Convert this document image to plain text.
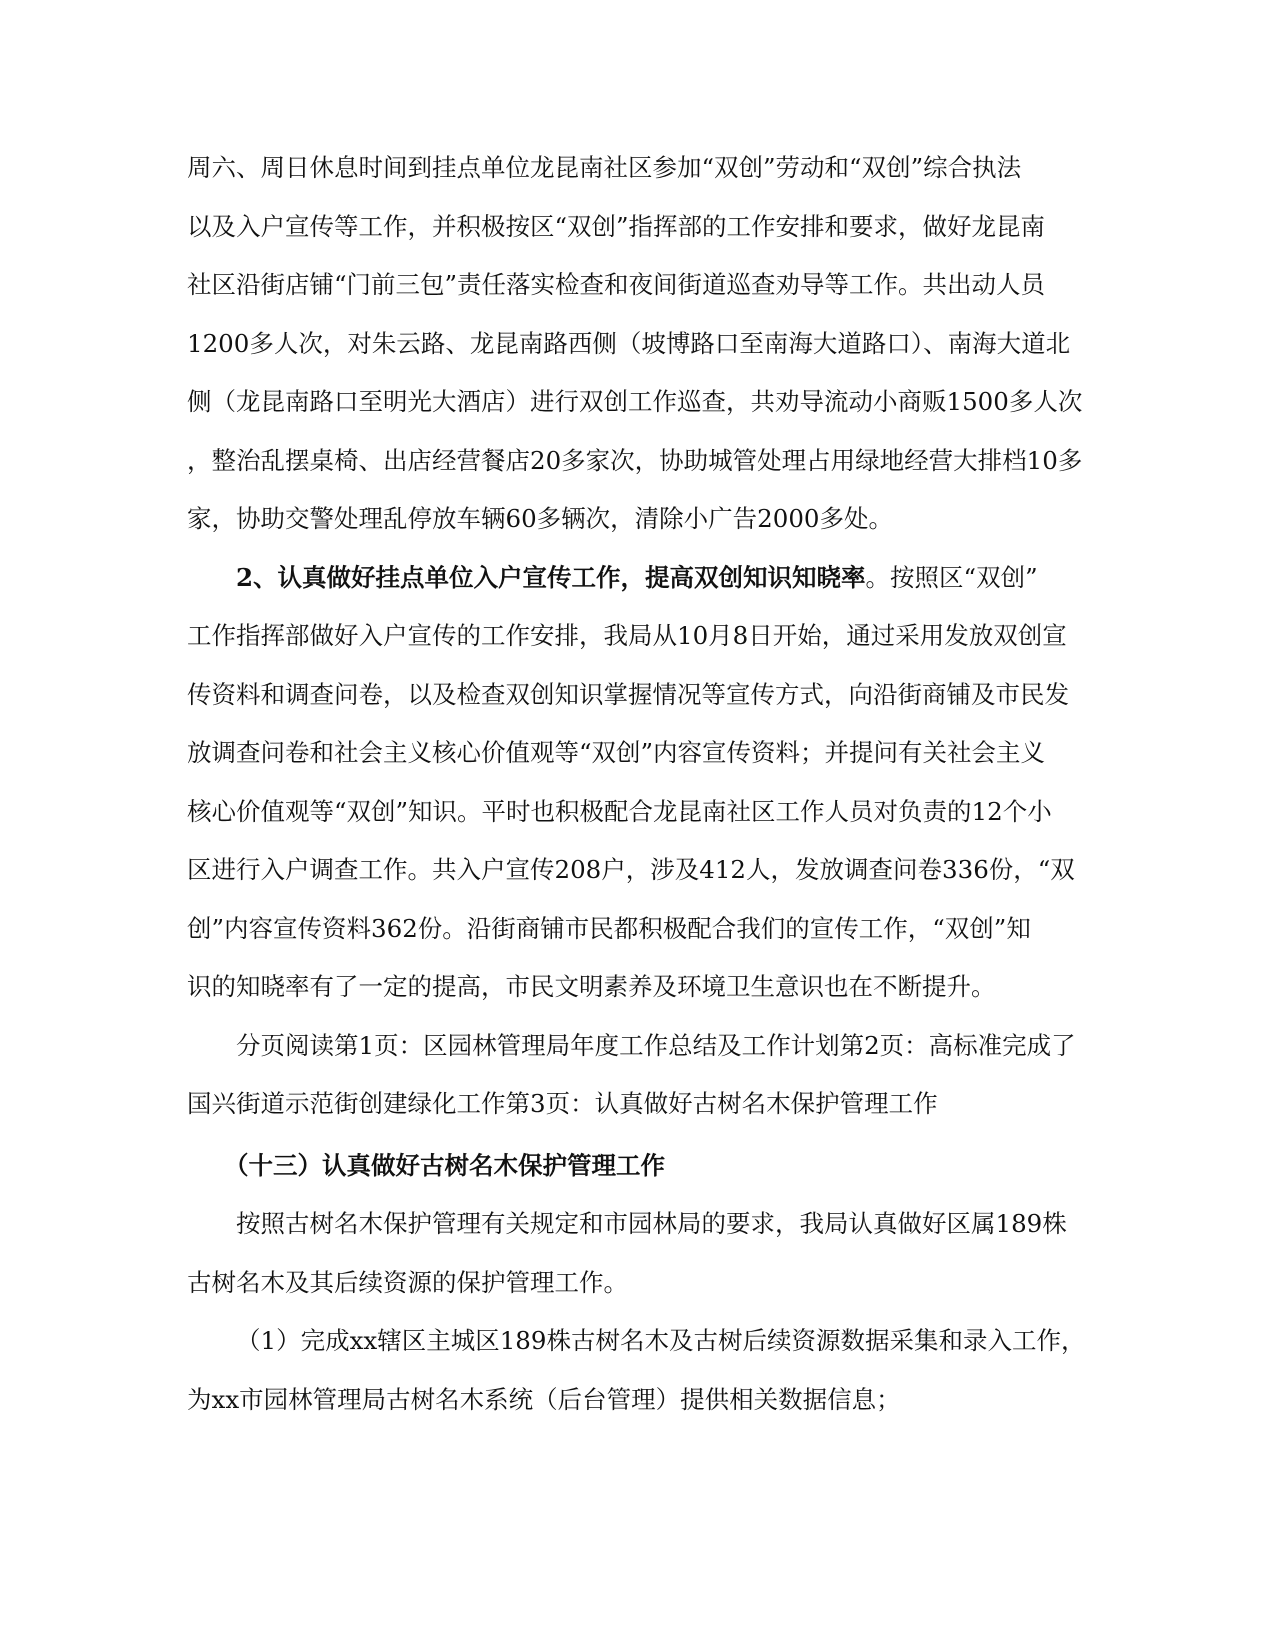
周六、周日休息时间到挂点单位龙昆南社区参加“双创”劳动和“双创”综合执法
以及入户宣传等工作，并积极按区“双创”指挥部的工作安排和要求，做好龙昆南
社区沿街店铺“门前三包”责任落实检查和夜间街道巡查劝导等工作。共出动人员
1200多人次，对朱云路、龙昆南路西侧（坡博路口至南海大道路口）、南海大道北
侧（龙昆南路口至明光大酒店）进行双创工作巡查，共劝导流动小商贩1500多人次
，整治乱摆桌椅、出店经营餐店20多家次，协助城管处理占用绿地经营大排档10多
家，协助交警处理乱停放车辆60多辆次，清除小广告2000多处。
2、认真做好挂点单位入户宣传工作，提高双创知识知晓率。按照区“双创”
工作指挥部做好入户宣传的工作安排，我局从10月8日开始，通过采用发放双创宣
传资料和调查问卷，以及检查双创知识掌握情况等宣传方式，向沿街商铺及市民发
放调查问卷和社会主义核心价值观等“双创”内容宣传资料；并提问有关社会主义
核心价值观等“双创”知识。平时也积极配合龙昆南社区工作人员对负责的12个小
区进行入户调查工作。共入户宣传208户，涉及412人，发放调查问卷336份，“双
创”内容宣传资料362份。沿街商铺市民都积极配合我们的宣传工作，“双创”知
识的知晓率有了一定的提高，市民文明素养及环境卫生意识也在不断提升。
分页阅读第1页：区园林管理局年度工作总结及工作计划第2页：高标准完成了
国兴街道示范街创建绿化工作第3页：认真做好古树名木保护管理工作
（十三）认真做好古树名木保护管理工作
按照古树名木保护管理有关规定和市园林局的要求，我局认真做好区属189株
古树名木及其后续资源的保护管理工作。
（1）完成xx辖区主城区189株古树名木及古树后续资源数据采集和录入工作，
为xx市园林管理局古树名木系统（后台管理）提供相关数据信息；
